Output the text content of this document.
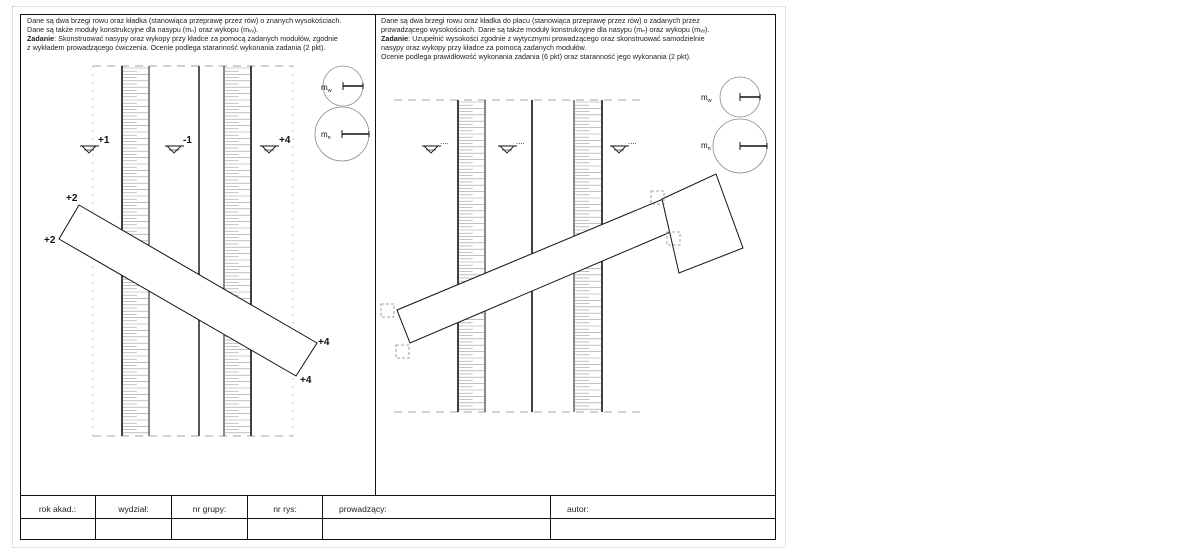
Dane są dwa brzegi rowu oraz kładka (stanowiąca przeprawę przez rów) o znanych wysokościach.
Dane są także moduły konstrukcyjne dla nasypu (mₙ) oraz wykopu (mᵥᵥ).
Zadanie: Skonstruować nasypy oraz wykopy przy kładce za pomocą zadanych modułów, zgodnie
z wykładem prowadzącego ćwiczenia. Ocenie podlega staranność wykonania zadania (2 pkt).
Dane są dwa brzegi rowu oraz kładka do placu (stanowiąca przeprawę przez rów) o zadanych przez
prowadzącego wysokościach. Dane są także moduły konstrukcyjne dla nasypu (mₙ) oraz wykopu (mᵥᵥ).
Zadanie: Uzupełnić wysokości zgodnie z wytycznymi prowadzącego oraz skonstruować samodzielnie
nasypy oraz wykopy przy kładce za pomocą zadanych modułów.
Ocenie podlega prawidłowość wykonania zadania (6 pkt) oraz staranność jego wykonania (2 pkt).
+1	-1	+4
+2
+2
+4
+4
$m_w$
$m_n$	....	....	....
$m_w$
$m_n$
rok akad.:	wydział:	nr grupy:	nr rys:	prowadzący:	autor:
